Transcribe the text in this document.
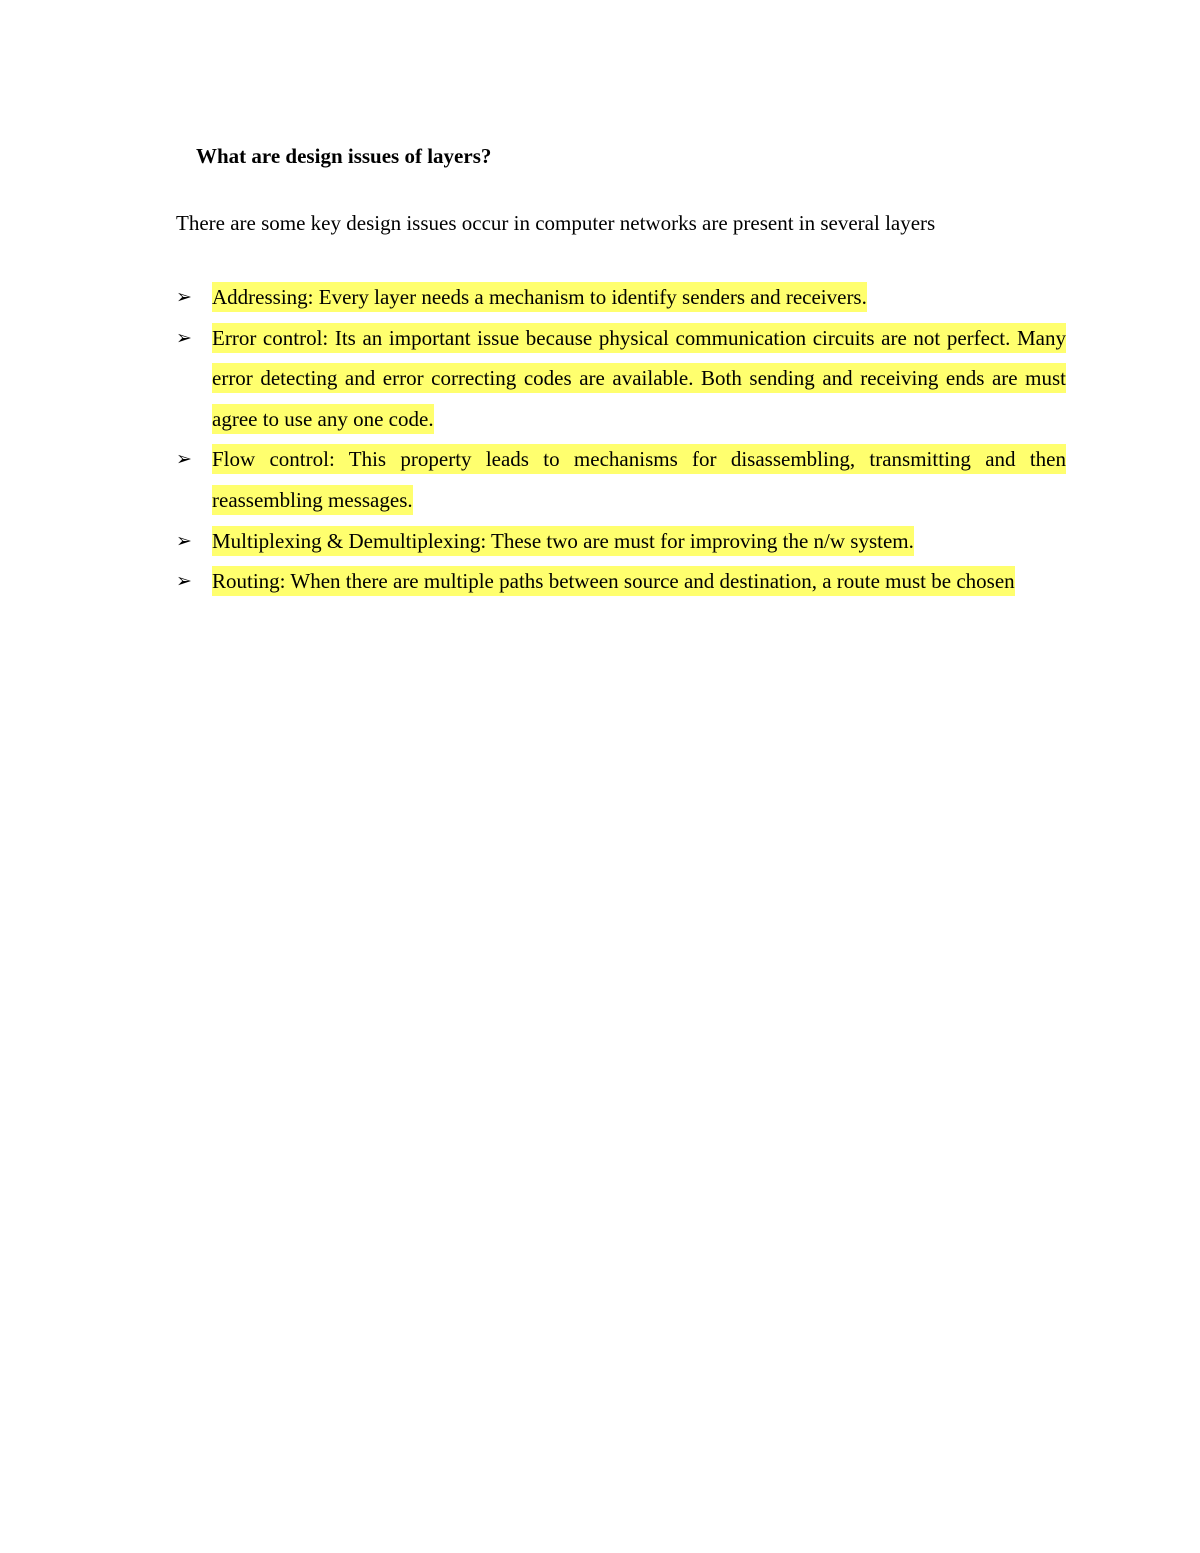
What are design issues of layers?
There are some key design issues occur in computer networks are present in several layers
➢ Addressing: Every layer needs a mechanism to identify senders and receivers.
➢ Error control: Its an important issue because physical communication circuits are not perfect. Many error detecting and error correcting codes are available. Both sending and receiving ends are must agree to use any one code.
➢ Flow control: This property leads to mechanisms for disassembling, transmitting and then reassembling messages.
➢ Multiplexing & Demultiplexing: These two are must for improving the n/w system.
➢ Routing: When there are multiple paths between source and destination, a route must be chosen
